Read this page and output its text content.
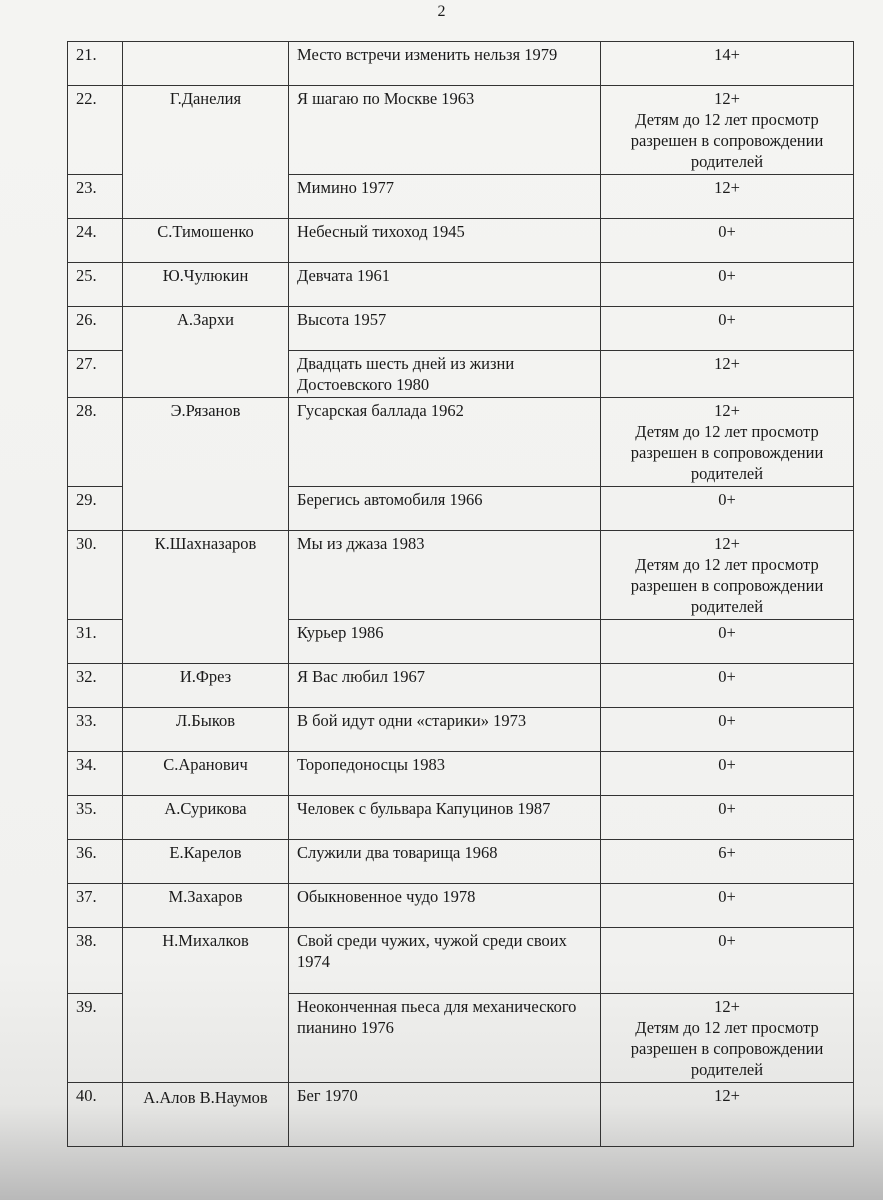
2
21.		Место встречи изменить нельзя 1979	14+
22.	Г.Данелия	Я шагаю по Москве 1963	12+
Детям до 12 лет просмотр разрешен в сопровождении родителей

23.		Мимино 1977	12+
24.	С.Тимошенко	Небесный тихоход 1945	0+
25.	Ю.Чулюкин	Девчата 1961	0+
26.	А.Зархи	Высота 1957	0+
27.		Двадцать шесть дней из жизни Достоевского 1980	12+
28.	Э.Рязанов	Гусарская баллада 1962	12+
Детям до 12 лет просмотр разрешен в сопровождении родителей

29.		Берегись автомобиля 1966	0+
30.	К.Шахназаров	Мы из джаза 1983	12+
Детям до 12 лет просмотр разрешен в сопровождении родителей

31.		Курьер 1986	0+
32.	И.Фрез	Я Вас любил 1967	0+
33.	Л.Быков	В бой идут одни «старики» 1973	0+
34.	С.Аранович	Торопедоносцы 1983	0+
35.	А.Сурикова	Человек с бульвара Капуцинов 1987	0+
36.	Е.Карелов	Служили два товарища 1968	6+
37.	М.Захаров	Обыкновенное чудо 1978	0+
38.	Н.Михалков	Свой среди чужих, чужой среди своих 1974	0+
39.		Неоконченная пьеса для механического пианино 1976	12+
Детям до 12 лет просмотр разрешен в сопровождении родителей

40.	А.Алов В.Наумов	Бег 1970	12+
